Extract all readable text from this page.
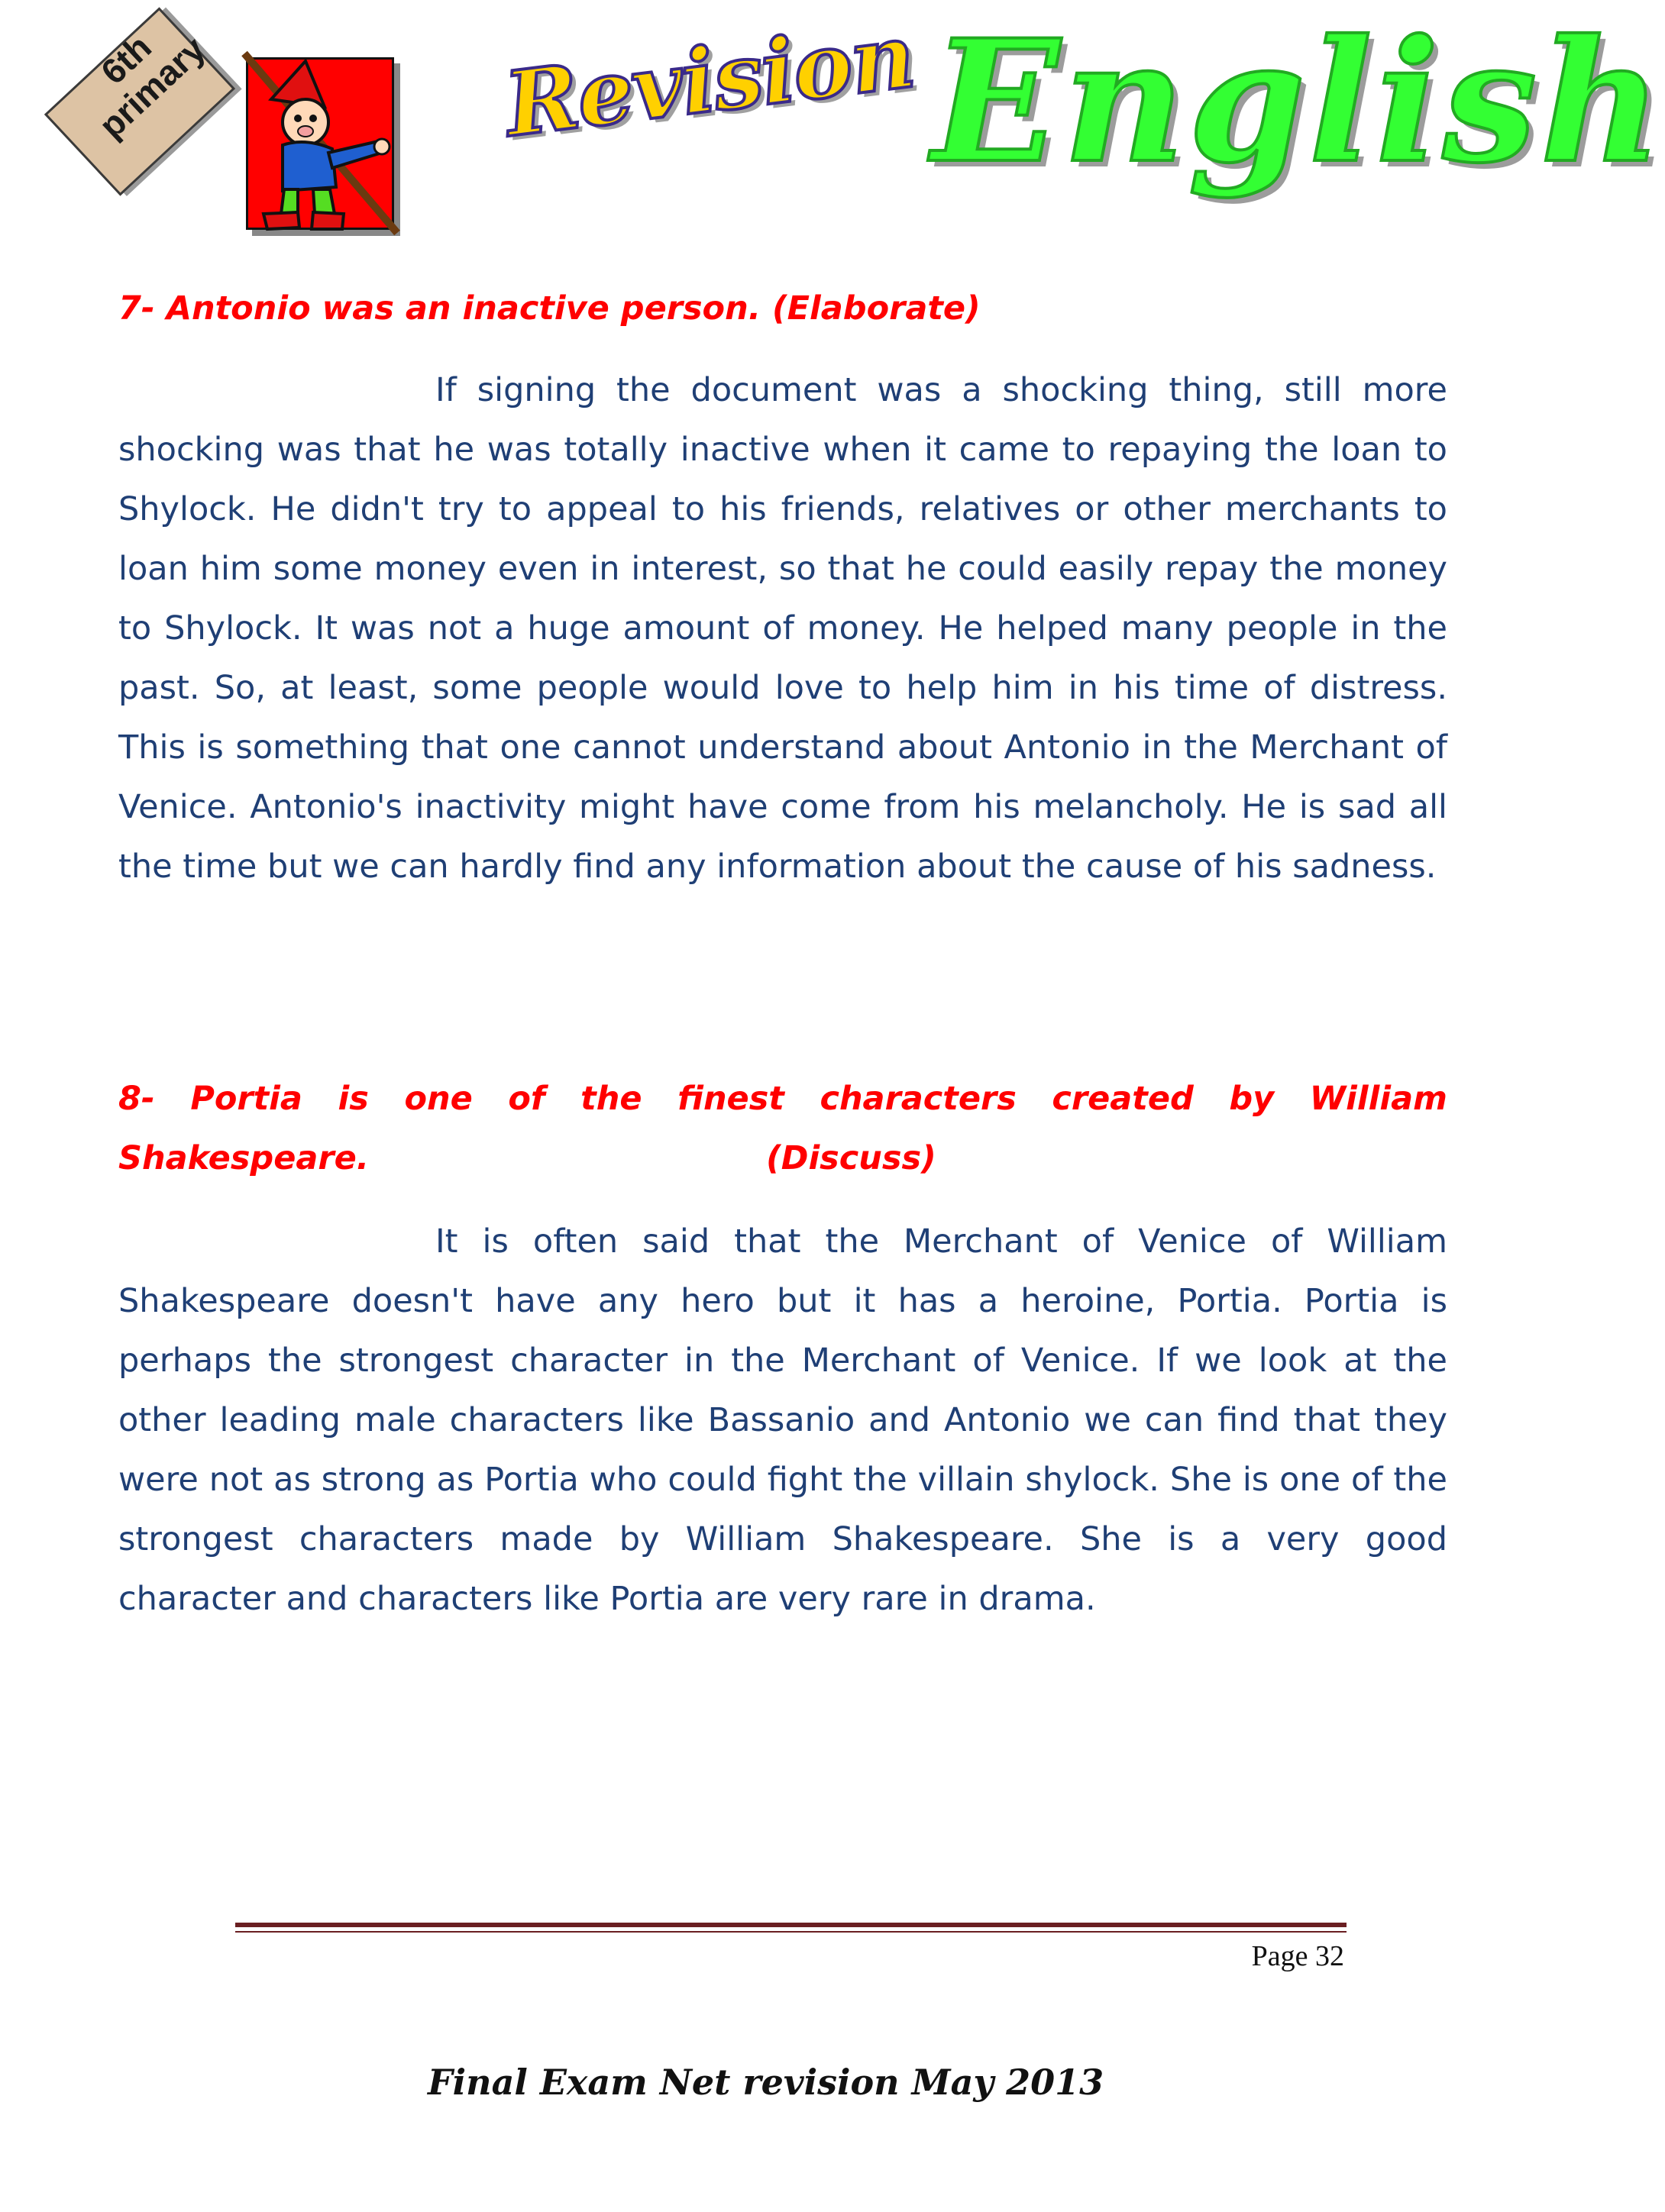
6th
primary	Revision English
7- Antonio was an inactive person. (Elaborate)

If signing the document was a shocking thing, still more shocking was that he was totally inactive when it came to repaying the loan to Shylock. He didn't try to appeal to his friends, relatives or other merchants to loan him some money even in interest, so that he could easily repay the money to Shylock. It was not a huge amount of money. He helped many people in the past. So, at least, some people would love to help him in his time of distress. This is something that one cannot understand about Antonio in the Merchant of Venice. Antonio's inactivity might have come from his melancholy. He is sad all the time but we can hardly find any information about the cause of his sadness.

8- Portia is one of the finest characters created by William
Shakespeare.	(Discuss)

It is often said that the Merchant of Venice of William Shakespeare doesn't have any hero but it has a heroine, Portia. Portia is perhaps the strongest character in the Merchant of Venice. If we look at the other leading male characters like Bassanio and Antonio we can find that they were not as strong as Portia who could fight the villain shylock. She is one of the strongest characters made by William Shakespeare. She is a very good character and characters like Portia are very rare in drama.

Page 32
Final Exam Net revision May 2013
